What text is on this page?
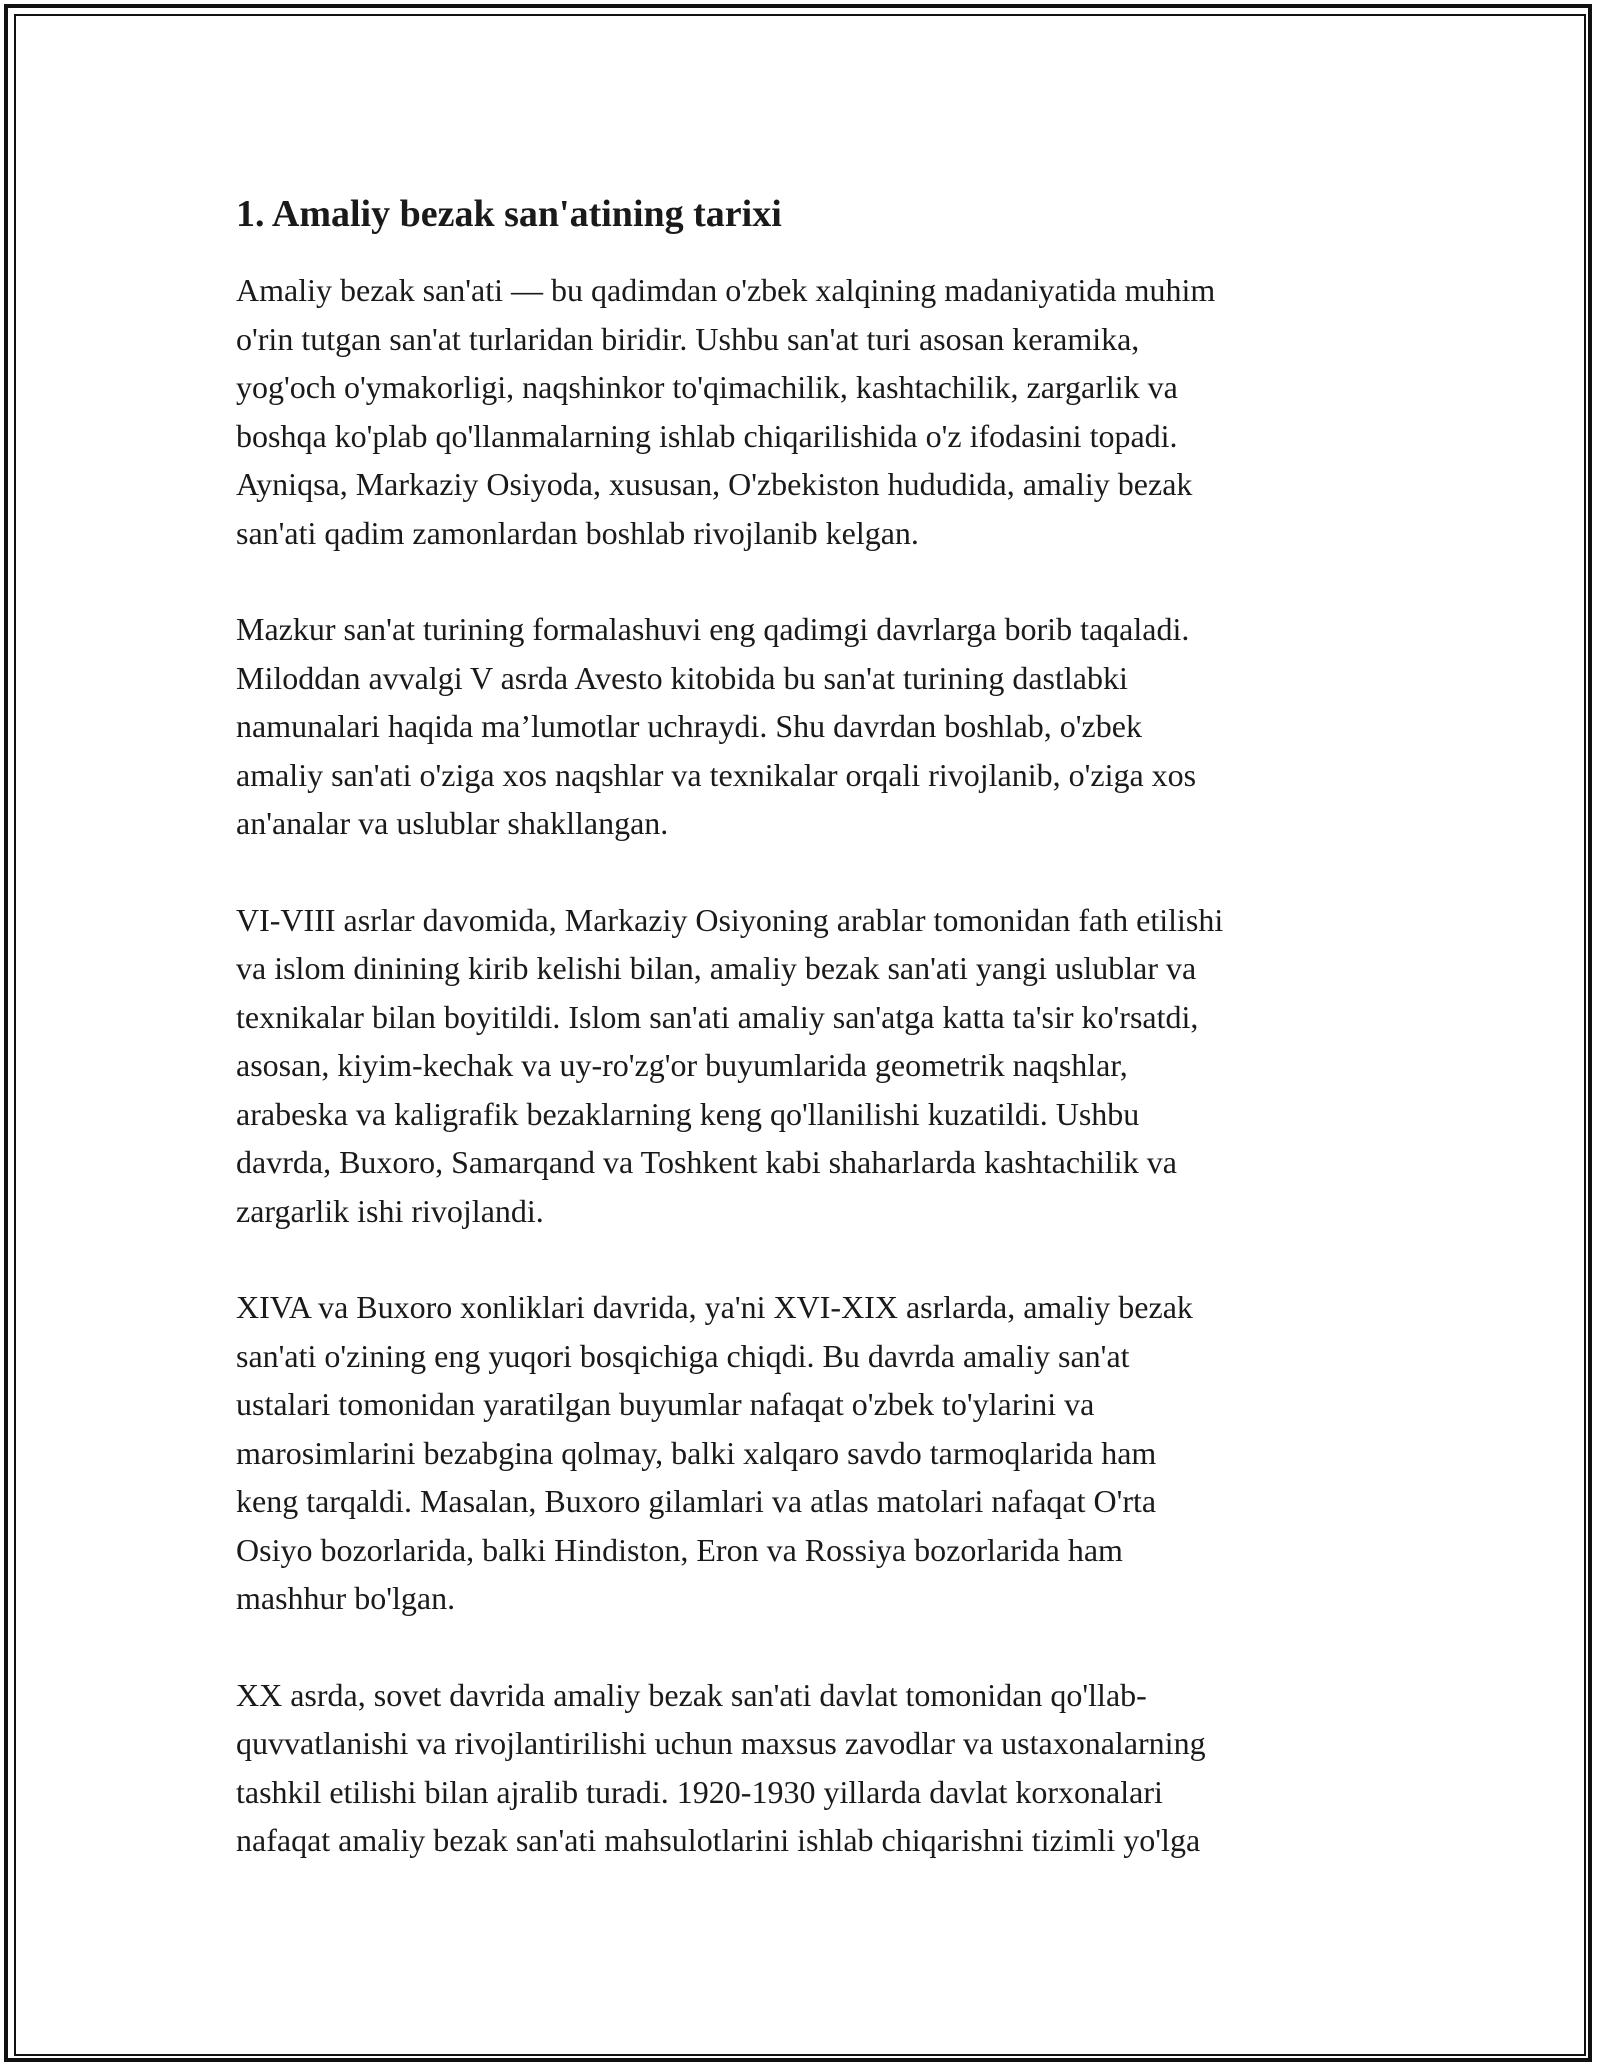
1. Amaliy bezak san'atining tarixi
Amaliy bezak san'ati — bu qadimdan o'zbek xalqining madaniyatida muhim
o'rin tutgan san'at turlaridan biridir. Ushbu san'at turi asosan keramika,
yog'och o'ymakorligi, naqshinkor to'qimachilik, kashtachilik, zargarlik va
boshqa ko'plab qo'llanmalarning ishlab chiqarilishida o'z ifodasini topadi.
Ayniqsa, Markaziy Osiyoda, xususan, O'zbekiston hududida, amaliy bezak
san'ati qadim zamonlardan boshlab rivojlanib kelgan.
Mazkur san'at turining formalashuvi eng qadimgi davrlarga borib taqaladi.
Miloddan avvalgi V asrda Avesto kitobida bu san'at turining dastlabki
namunalari haqida ma’lumotlar uchraydi. Shu davrdan boshlab, o'zbek
amaliy san'ati o'ziga xos naqshlar va texnikalar orqali rivojlanib, o'ziga xos
an'analar va uslublar shakllangan.
VI-VIII asrlar davomida, Markaziy Osiyoning arablar tomonidan fath etilishi
va islom dinining kirib kelishi bilan, amaliy bezak san'ati yangi uslublar va
texnikalar bilan boyitildi. Islom san'ati amaliy san'atga katta ta'sir ko'rsatdi,
asosan, kiyim-kechak va uy-ro'zg'or buyumlarida geometrik naqshlar,
arabeska va kaligrafik bezaklarning keng qo'llanilishi kuzatildi. Ushbu
davrda, Buxoro, Samarqand va Toshkent kabi shaharlarda kashtachilik va
zargarlik ishi rivojlandi.
XIVA va Buxoro xonliklari davrida, ya'ni XVI-XIX asrlarda, amaliy bezak
san'ati o'zining eng yuqori bosqichiga chiqdi. Bu davrda amaliy san'at
ustalari tomonidan yaratilgan buyumlar nafaqat o'zbek to'ylarini va
marosimlarini bezabgina qolmay, balki xalqaro savdo tarmoqlarida ham
keng tarqaldi. Masalan, Buxoro gilamlari va atlas matolari nafaqat O'rta
Osiyo bozorlarida, balki Hindiston, Eron va Rossiya bozorlarida ham
mashhur bo'lgan.
XX asrda, sovet davrida amaliy bezak san'ati davlat tomonidan qo'llab-
quvvatlanishi va rivojlantirilishi uchun maxsus zavodlar va ustaxonalarning
tashkil etilishi bilan ajralib turadi. 1920-1930 yillarda davlat korxonalari
nafaqat amaliy bezak san'ati mahsulotlarini ishlab chiqarishni tizimli yo'lga
